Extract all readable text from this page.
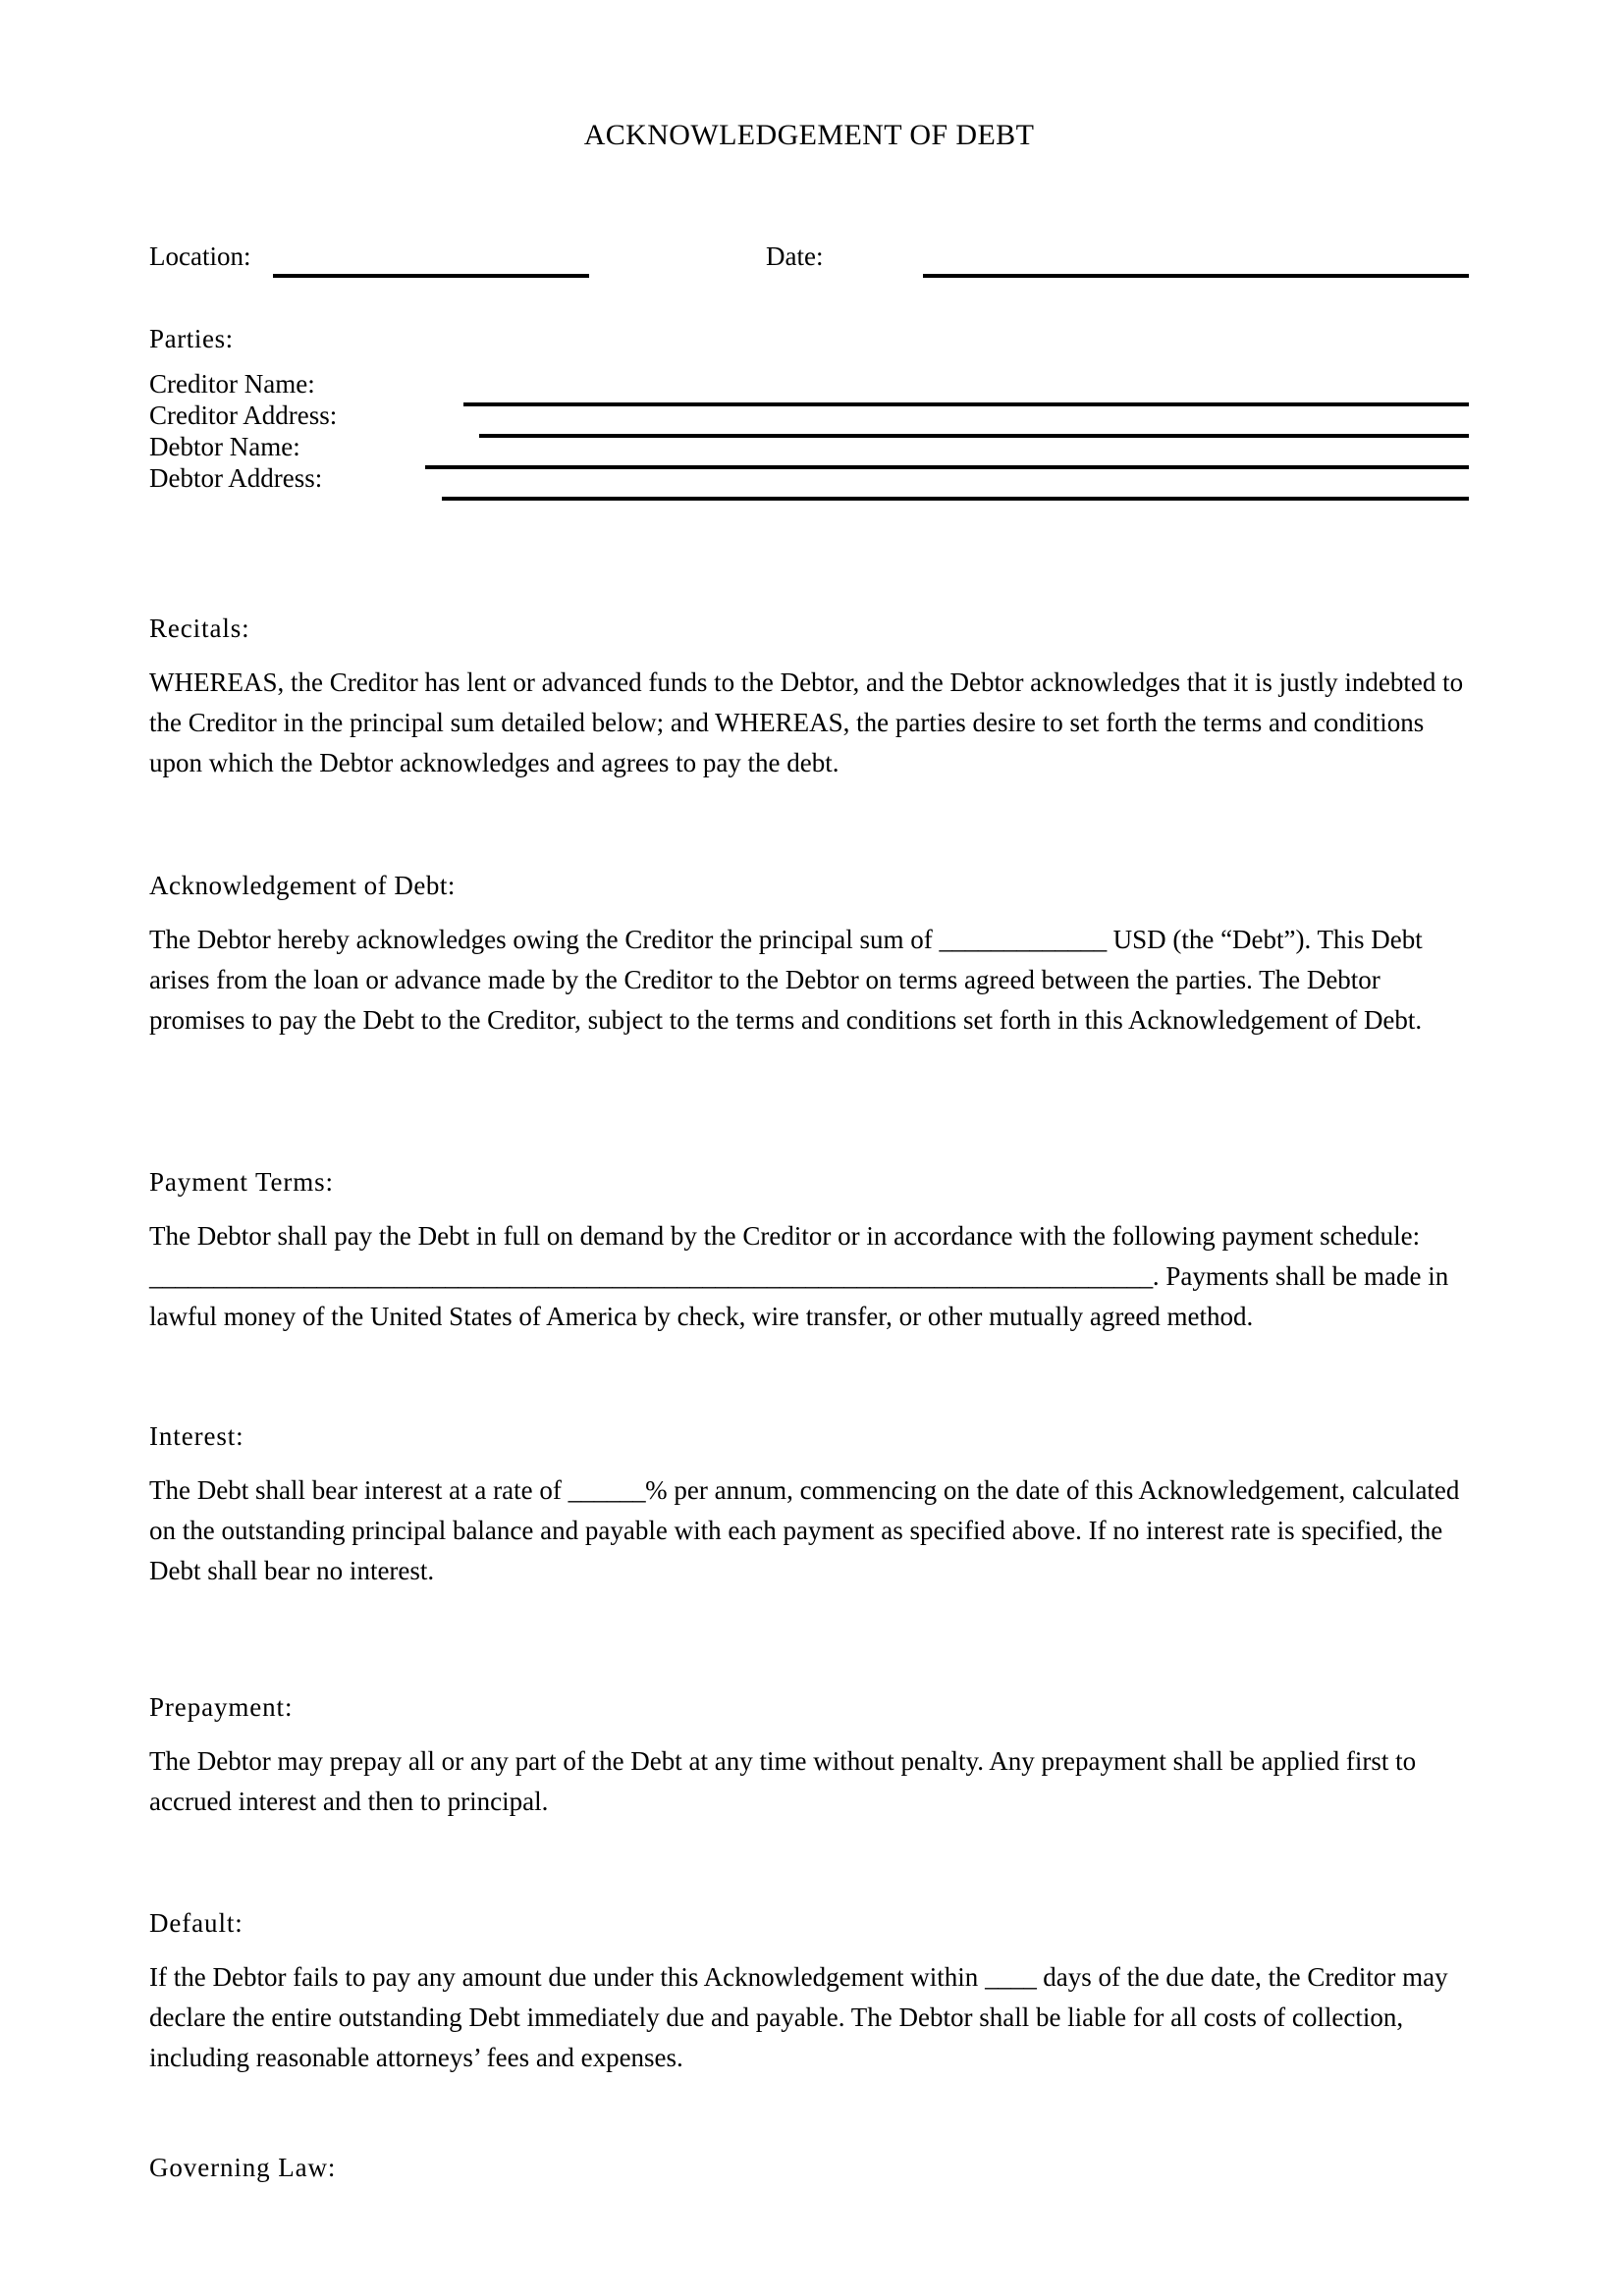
ACKNOWLEDGEMENT OF DEBT
Location:	Date:
Parties:
Creditor Name:
Creditor Address:
Debtor Name:
Debtor Address:
Recitals:

WHEREAS, the Creditor has lent or advanced funds to the Debtor, and the Debtor acknowledges that it is justly indebted to the Creditor in the principal sum detailed below; and WHEREAS, the parties desire to set forth the terms and conditions upon which the Debtor acknowledges and agrees to pay the debt.

Acknowledgement of Debt:

The Debtor hereby acknowledges owing the Creditor the principal sum of _____________ USD (the “Debt”). This Debt arises from the loan or advance made by the Creditor to the Debtor on terms agreed between the parties. The Debtor promises to pay the Debt to the Creditor, subject to the terms and conditions set forth in this Acknowledgement of Debt.

Payment Terms:

The Debtor shall pay the Debt in full on demand by the Creditor or in accordance with the following payment schedule: ______________________________________________________________________________. Payments shall be made in lawful money of the United States of America by check, wire transfer, or other mutually agreed method.

Interest:

The Debt shall bear interest at a rate of ______% per annum, commencing on the date of this Acknowledgement, calculated on the outstanding principal balance and payable with each payment as specified above. If no interest rate is specified, the Debt shall bear no interest.

Prepayment:

The Debtor may prepay all or any part of the Debt at any time without penalty. Any prepayment shall be applied first to accrued interest and then to principal.

Default:

If the Debtor fails to pay any amount due under this Acknowledgement within ____ days of the due date, the Creditor may declare the entire outstanding Debt immediately due and payable. The Debtor shall be liable for all costs of collection, including reasonable attorneys’ fees and expenses.

Governing Law:
